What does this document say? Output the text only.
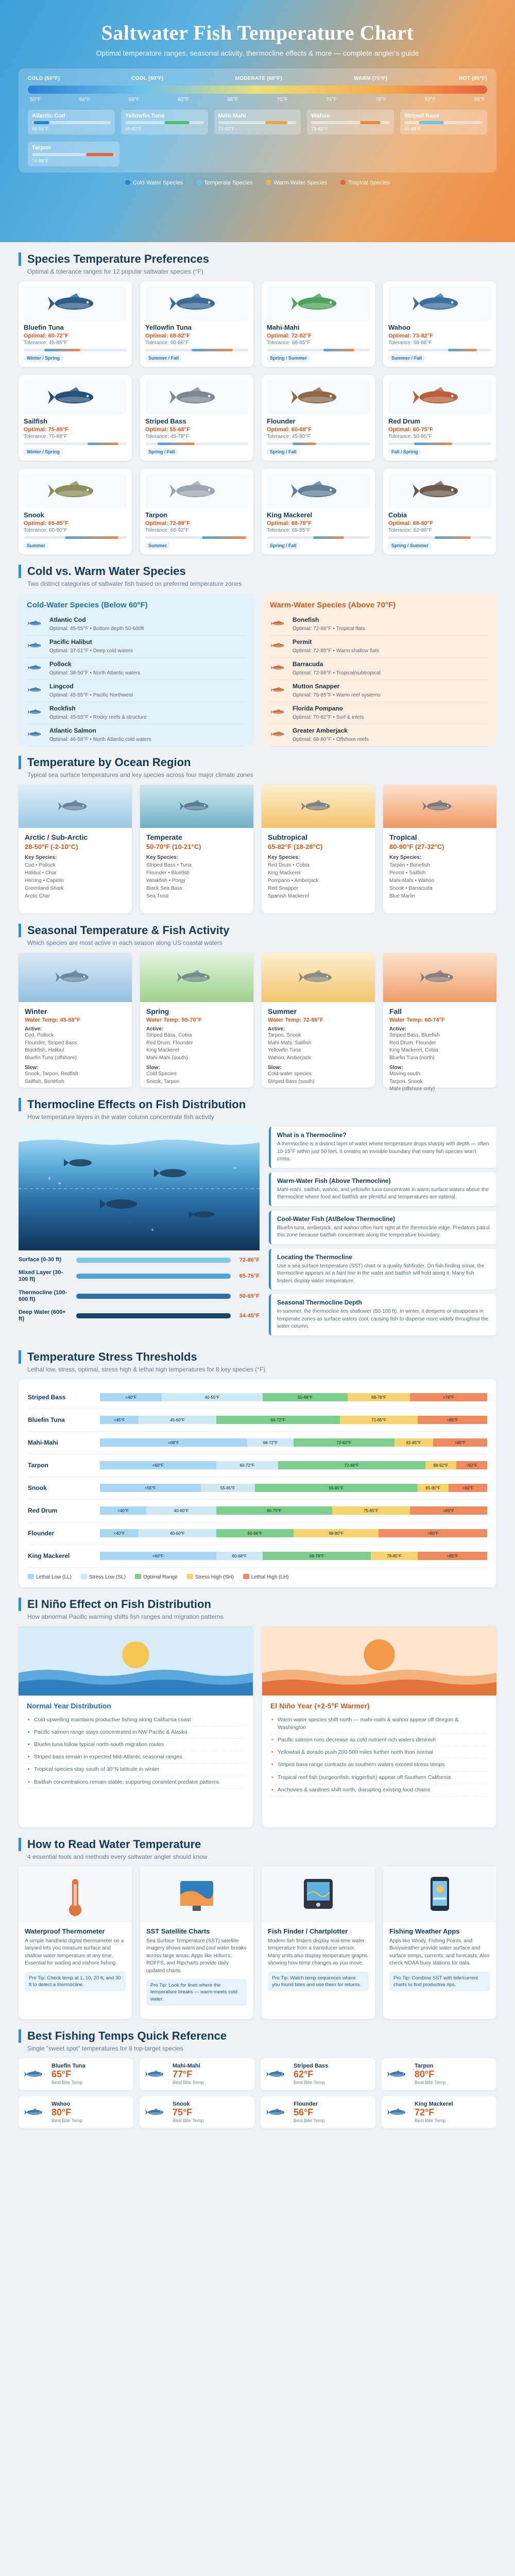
Saltwater Fish Temperature Chart

Optimal temperature ranges, seasonal activity, thermocline effects & more — complete angler's guide

COLD (50°F)	COOL (60°F)	MODERATE (68°F)	WARM (75°F)	HOT (85°F)
50°F	54°F	58°F	62°F	66°F	70°F	74°F	78°F	82°F	86°F
Atlantic Cod
45-55°F
Yellowfin Tuna
68-80°F
Mahi-Mahi
72-82°F
Wahoo
73-82°F
Striped Bass
55-68°F
Tarpon
74-88°F
Cold-Water Species	Temperate Species	Warm-Water Species	Tropical Species
Species Temperature Preferences

Optimal & tolerance ranges for 12 popular saltwater species (°F)

Bluefin Tuna
Optimal: 60-72°F
Tolerance: 45-85°F
Winter / Spring
Yellowfin Tuna
Optimal: 68-82°F
Tolerance: 60-86°F
Summer / Fall
Mahi-Mahi
Optimal: 72-82°F
Tolerance: 68-85°F
Spring / Summer
Wahoo
Optimal: 73-82°F
Tolerance: 68-86°F
Summer / Fall
Sailfish
Optimal: 75-85°F
Tolerance: 70-88°F
Winter / Spring
Striped Bass
Optimal: 55-68°F
Tolerance: 45-78°F
Spring / Fall
Flounder
Optimal: 60-68°F
Tolerance: 45-80°F
Spring / Fall
Red Drum
Optimal: 60-75°F
Tolerance: 50-85°F
Fall / Spring
Snook
Optimal: 65-85°F
Tolerance: 60-90°F
Summer
Tarpon
Optimal: 72-88°F
Tolerance: 65-92°F
Summer
King Mackerel
Optimal: 68-78°F
Tolerance: 65-85°F
Spring / Fall
Cobia
Optimal: 68-80°F
Tolerance: 62-86°F
Spring / Summer
Cold vs. Warm Water Species

Two distinct categories of saltwater fish based on preferred temperature zones

Cold-Water Species (Below 60°F)
Atlantic Cod
Optimal: 45-55°F • Bottom depth 50-600ft
Pacific Halibut
Optimal: 37-51°F • Deep cold waters
Pollock
Optimal: 38-50°F • North Atlantic waters
Lingcod
Optimal: 45-55°F • Pacific Northwest
Rockfish
Optimal: 45-55°F • Rocky reefs & structure
Atlantic Salmon
Optimal: 46-58°F • North Atlantic cold waters
Warm-Water Species (Above 70°F)
Bonefish
Optimal: 72-86°F • Tropical flats
Permit
Optimal: 72-85°F • Warm shallow flats
Barracuda
Optimal: 72-86°F • Tropical/subtropical
Mutton Snapper
Optimal: 75-85°F • Warm reef systems
Florida Pompano
Optimal: 70-82°F • Surf & inlets
Greater Amberjack
Optimal: 68-80°F • Offshore reefs
Temperature by Ocean Region

Typical sea surface temperatures and key species across four major climate zones

Arctic / Sub-Arctic
28-50°F (-2-10°C)
Key Species:
Cod • Pollock
Halibut • Char
Herring • Capelin
Greenland Shark
Arctic Char
Temperate
50-70°F (10-21°C)
Key Species:
Striped Bass • Tuna
Flounder • Bluefish
Weakfish • Porgy
Black Sea Bass
Sea Trout
Subtropical
65-82°F (18-28°C)
Key Species:
Red Drum • Cobia
King Mackerel
Pompano • Amberjack
Red Snapper
Spanish Mackerel
Tropical
80-90°F (27-32°C)
Key Species:
Tarpon • Bonefish
Permit • Sailfish
Mahi-Mahi • Wahoo
Snook • Barracuda
Blue Marlin
Seasonal Temperature & Fish Activity

Which species are most active in each season along US coastal waters

Winter
Water Temp: 45-58°F
Active:
Cod, Pollock
Flounder, Striped Bass
Blackfish, Halibut
Bluefin Tuna (offshore)
Slow:
Snook, Tarpon, Redfish
Sailfish, Bonefish
Spring
Water Temp: 55-70°F
Active:
Striped Bass, Cobia
Red Drum, Flounder
King Mackerel
Mahi-Mahi (south)
Slow:
Cold Species
Snook, Tarpon
Summer
Water Temp: 72-86°F
Active:
Tarpon, Snook
Mahi-Mahi, Sailfish
Yellowfin Tuna
Wahoo, Amberjack
Slow:
Cold-water species
Striped Bass (south)
Fall
Water Temp: 60-74°F
Active:
Striped Bass, Bluefish
Red Drum, Flounder
King Mackerel, Cobia
Bluefin Tuna (north)
Slow:
Moving south:
Tarpon, Snook
Mahi (offshore only)
Thermocline Effects on Fish Distribution

How temperature layers in the water column concentrate fish activity

Surface (0-30 ft)	72-86°F
Mixed Layer (30-100 ft)	65-75°F
Thermocline (100-600 ft)	50-65°F
Deep Water (600+ ft)	34-45°F
What is a Thermocline?

A thermocline is a distinct layer of water where temperature drops sharply with depth — often 10-15°F within just 50 feet. It creates an invisible boundary that many fish species won't cross.

Warm-Water Fish (Above Thermocline)

Mahi-mahi, sailfish, wahoo, and yellowfin tuna concentrate in warm surface waters above the thermocline where food and baitfish are plentiful and temperatures are optimal.

Cool-Water Fish (At/Below Thermocline)

Bluefin tuna, amberjack, and wahoo often hunt right at the thermocline edge. Predators patrol this zone because baitfish concentrate along the temperature boundary.

Locating the Thermocline

Use a sea surface temperature (SST) chart or a quality fishfinder. On fish-finding sonar, the thermocline appears as a faint line in the water and baitfish will hold along it. Many fish finders display water temperature.

Seasonal Thermocline Depth

In summer, the thermocline lies shallower (50-100 ft). In winter, it deepens or disappears in temperate zones as surface waters cool, causing fish to disperse more widely throughout the water column.

Temperature Stress Thresholds

Lethal low, stress, optimal, stress high & lethal high temperatures for 8 key species (°F)

Striped Bass	<40°F	40-55°F	55-68°F	68-78°F	>78°F
Bluefin Tuna	<45°F	45-60°F	60-72°F	72-85°F	>85°F
Mahi-Mahi	<68°F	68-72°F	72-82°F	82-85°F	>85°F
Tarpon	<60°F	60-72°F	72-88°F	88-92°F	>92°F
Snook	<55°F	55-65°F	65-85°F	85-90°F	>90°F
Red Drum	<40°F	40-60°F	60-75°F	75-85°F	>85°F
Flounder	<40°F	40-60°F	60-68°F	68-80°F	>80°F
King Mackerel	<60°F	60-68°F	68-78°F	78-85°F	>85°F
Lethal Low (LL)	Stress Low (SL)	Optimal Range	Stress High (SH)	Lethal High (LH)
El Niño Effect on Fish Distribution

How abnormal Pacific warming shifts fish ranges and migration patterns

Normal Year Distribution
• Cold upwelling maintains productive fishing along California coast
• Pacific salmon range stays concentrated in NW Pacific & Alaska
• Bluefin tuna follow typical north-south migration routes
• Striped bass remain in expected Mid-Atlantic seasonal ranges
• Tropical species stay south of 30°N latitude in winter
• Baitfish concentrations remain stable, supporting consistent predator patterns
El Niño Year (+2-5°F Warmer)
• Warm-water species shift north — mahi-mahi & wahoo appear off Oregon & Washington
• Pacific salmon runs decrease as cold nutrient-rich waters diminish
• Yellowtail & dorado push 200-500 miles further north than normal
• Striped bass range contracts as southern waters exceed stress temps
• Tropical reef fish (surgeonfish, triggerfish) appear off Southern California
• Anchovies & sardines shift north, disrupting existing food chains
How to Read Water Temperature

4 essential tools and methods every saltwater angler should know

Waterproof Thermometer

A simple handheld digital thermometer on a lanyard lets you measure surface and shallow water temperature at any time. Essential for wading and inshore fishing.

Pro Tip: Check temp at 1, 10, 20 ft, and 30 ft to detect a thermocline.
SST Satellite Charts

Sea Surface Temperature (SST) satellite imagery shows warm and cool water breaks across large areas. Apps like Hilton's, ROFFS, and Ripcharts provide daily updated charts.

Pro Tip: Look for lines where the temperature breaks — warm meets cold water.
Fish Finder / Chartplotter

Modern fish finders display real-time water temperature from a transducer sensor. Many units also display temperature graphs showing how temp changes as you move.

Pro Tip: Watch temp sequences where you found bites and use them for returns.
Fishing Weather Apps

Apps like Windy, Fishing Points, and Buoyweather provide water surface and surface temps, currents, and forecasts. Also check NOAA buoy stations for data.

Pro Tip: Combine SST with tide/current charts to find productive rips.
Best Fishing Temps Quick Reference

Single "sweet spot" temperatures for 8 top-target species

Bluefin Tuna
65°F
Best Bite Temp
Mahi-Mahi
77°F
Best Bite Temp
Striped Bass
62°F
Best Bite Temp
Tarpon
80°F
Best Bite Temp
Wahoo
80°F
Best Bite Temp
Snook
75°F
Best Bite Temp
Flounder
56°F
Best Bite Temp
King Mackerel
72°F
Best Bite Temp
